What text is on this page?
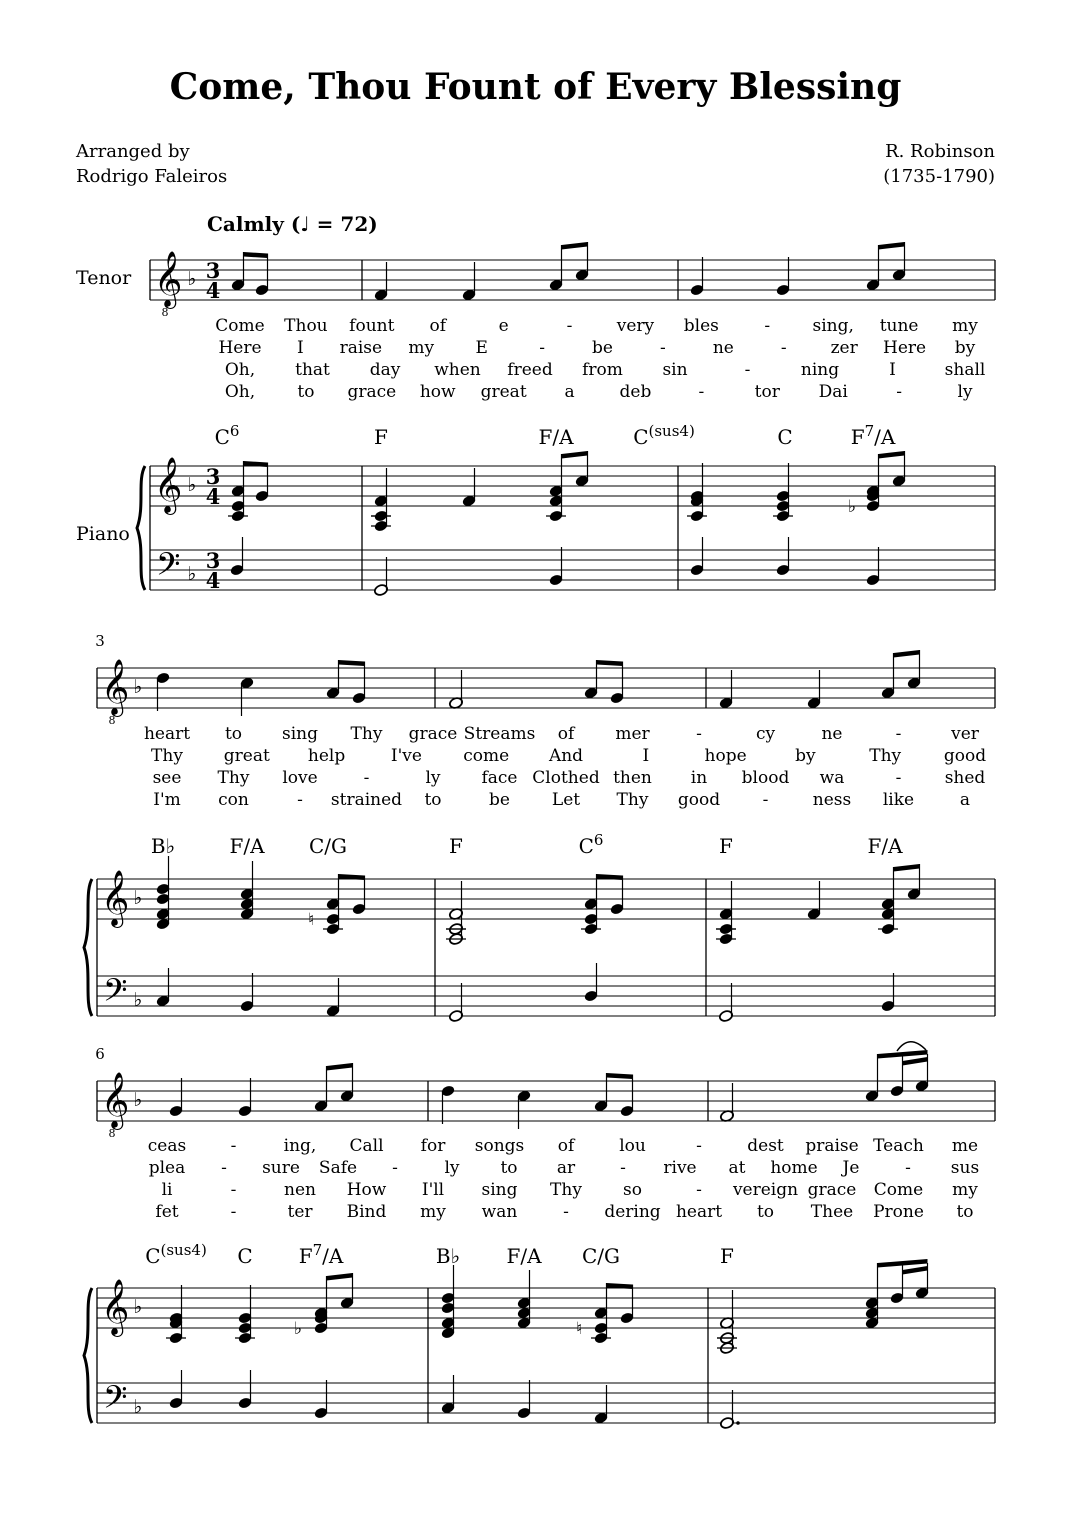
Come, Thou Fount of Every Blessing
Arranged by
Rodrigo Faleiros
R. Robinson
(1735-1790)
Calmly (♩ = 72)
Tenor
Piano
𝄞
8
𝄞
𝄢
♭
♭
♭
3
4
3
4
3
4
♭
$C^6$	F	F/A	$C^{(sus4)}$	C	$F^7/A$
Come Thou fount of	e	-	very bles	- sing, tune my
Here I raise my E	-	be	-	ne	-	zer Here by
Oh, that day when freed from sin	-	ning	I	shall
Oh, to grace how great a	deb	-	tor Dai	-	ly
3
𝄞
8
𝄞
𝄢
♭
♭
♭
♮
B♭	F/A C/G	F	$C^6$	F	F/A
heart to sing Thy grace Streams of mer	-	cy	ne	-	ver
Thy great help	I've come And	I	hope	by	Thy	good
see Thy love	-	ly face Clothed then in blood wa	-	shed
I'm con	- strained to	be Let Thy good	-	ness like	a
6
𝄞
8
𝄞
𝄢
♭
♭
♭
♭	♮
$C^{(sus4)}$ C $F^7/A$	B♭ F/A C/G	F
ceas	-	ing, Call for songs of	lou	-	dest praise Teach me
plea - sure Safe -	ly to ar	- rive at home Je	- sus
li	-	nen How I'll sing Thy so	- vereign grace Come my
fet	-	ter Bind my wan	- dering heart to Thee Prone to
